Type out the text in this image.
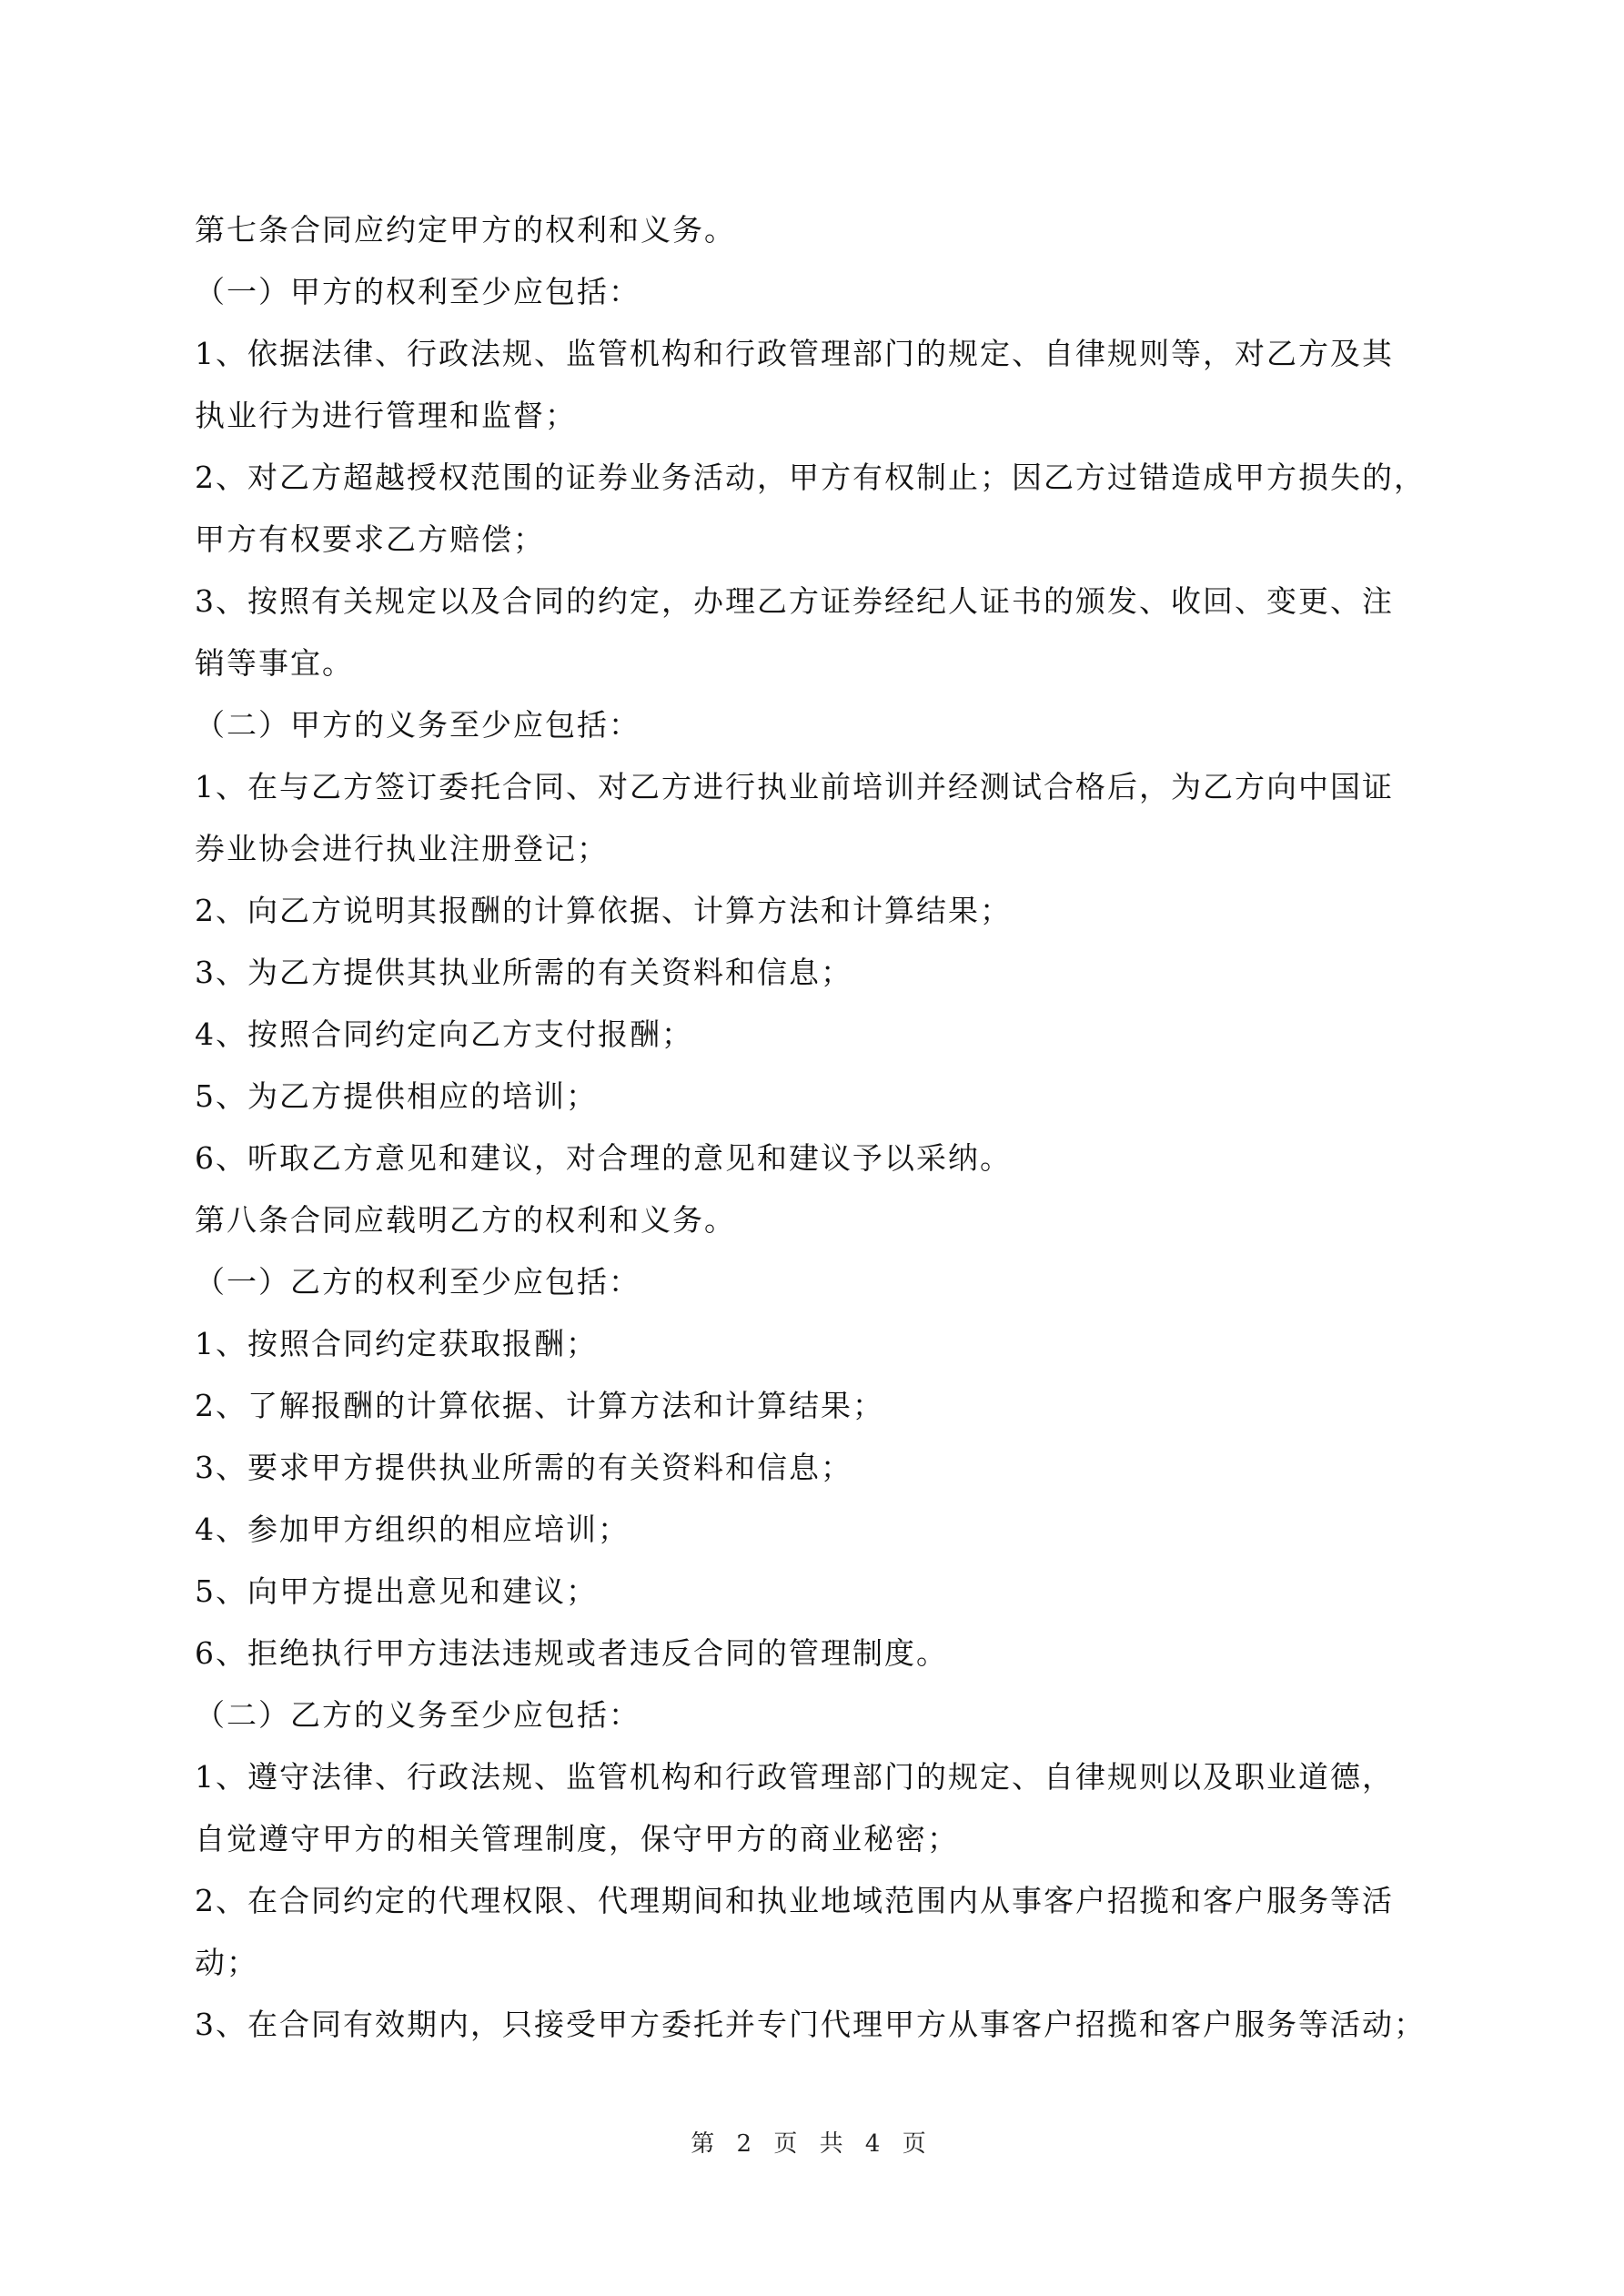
第七条合同应约定甲方的权利和义务。

（一）甲方的权利至少应包括：

1、依据法律、行政法规、监管机构和行政管理部门的规定、自律规则等，对乙方及其

执业行为进行管理和监督；

2、对乙方超越授权范围的证券业务活动，甲方有权制止；因乙方过错造成甲方损失的，

甲方有权要求乙方赔偿；

3、按照有关规定以及合同的约定，办理乙方证券经纪人证书的颁发、收回、变更、注

销等事宜。

（二）甲方的义务至少应包括：

1、在与乙方签订委托合同、对乙方进行执业前培训并经测试合格后，为乙方向中国证

券业协会进行执业注册登记；

2、向乙方说明其报酬的计算依据、计算方法和计算结果；

3、为乙方提供其执业所需的有关资料和信息；

4、按照合同约定向乙方支付报酬；

5、为乙方提供相应的培训；

6、听取乙方意见和建议，对合理的意见和建议予以采纳。

第八条合同应载明乙方的权利和义务。

（一）乙方的权利至少应包括：

1、按照合同约定获取报酬；

2、了解报酬的计算依据、计算方法和计算结果；

3、要求甲方提供执业所需的有关资料和信息；

4、参加甲方组织的相应培训；

5、向甲方提出意见和建议；

6、拒绝执行甲方违法违规或者违反合同的管理制度。

（二）乙方的义务至少应包括：

1、遵守法律、行政法规、监管机构和行政管理部门的规定、自律规则以及职业道德，

自觉遵守甲方的相关管理制度，保守甲方的商业秘密；

2、在合同约定的代理权限、代理期间和执业地域范围内从事客户招揽和客户服务等活

动；

3、在合同有效期内，只接受甲方委托并专门代理甲方从事客户招揽和客户服务等活动；

第 2 页 共 4 页
